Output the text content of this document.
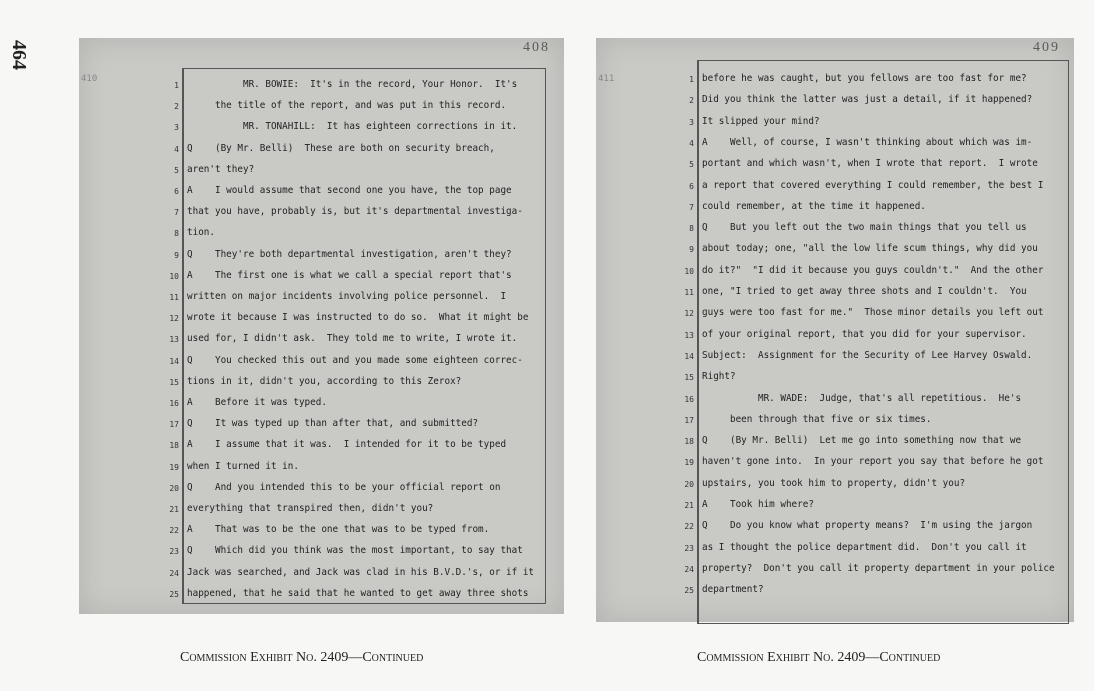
464	408
410
1
2
3
4
5
6
7
8
9
10
11
12
13
14
15
16
17
18
19
20
21
22
23
24
25
MR. BOWIE:  It's in the record, Your Honor.  It's
the title of the report, and was put in this record.
MR. TONAHILL:  It has eighteen corrections in it.
Q    (By Mr. Belli)  These are both on security breach,
aren't they?
A    I would assume that second one you have, the top page
that you have, probably is, but it's departmental investiga-
tion.
Q    They're both departmental investigation, aren't they?
A    The first one is what we call a special report that's
written on major incidents involving police personnel.  I
wrote it because I was instructed to do so.  What it might be
used for, I didn't ask.  They told me to write, I wrote it.
Q    You checked this out and you made some eighteen correc-
tions in it, didn't you, according to this Zerox?
A    Before it was typed.
Q    It was typed up than after that, and submitted?
A    I assume that it was.  I intended for it to be typed
when I turned it in.
Q    And you intended this to be your official report on
everything that transpired then, didn't you?
A    That was to be the one that was to be typed from.
Q    Which did you think was the most important, to say that
Jack was searched, and Jack was clad in his B.V.D.'s, or if it
happened, that he said that he wanted to get away three shots
409
411	1
2
3
4
5
6
7
8
9
10
11
12
13
14
15
16
17
18
19
20
21
22
23
24
25
before he was caught, but you fellows are too fast for me?
Did you think the latter was just a detail, if it happened?
It slipped your mind?
A    Well, of course, I wasn't thinking about which was im-
portant and which wasn't, when I wrote that report.  I wrote
a report that covered everything I could remember, the best I
could remember, at the time it happened.
Q    But you left out the two main things that you tell us
about today; one, "all the low life scum things, why did you
do it?"  "I did it because you guys couldn't."  And the other
one, "I tried to get away three shots and I couldn't.  You
guys were too fast for me."  Those minor details you left out
of your original report, that you did for your supervisor.
Subject:  Assignment for the Security of Lee Harvey Oswald.
Right?
MR. WADE:  Judge, that's all repetitious.  He's
been through that five or six times.
Q    (By Mr. Belli)  Let me go into something now that we
haven't gone into.  In your report you say that before he got
upstairs, you took him to property, didn't you?
A    Took him where?
Q    Do you know what property means?  I'm using the jargon
as I thought the police department did.  Don't you call it
property?  Don't you call it property department in your police
department?
Commission Exhibit No. 2409—Continued	Commission Exhibit No. 2409—Continued
